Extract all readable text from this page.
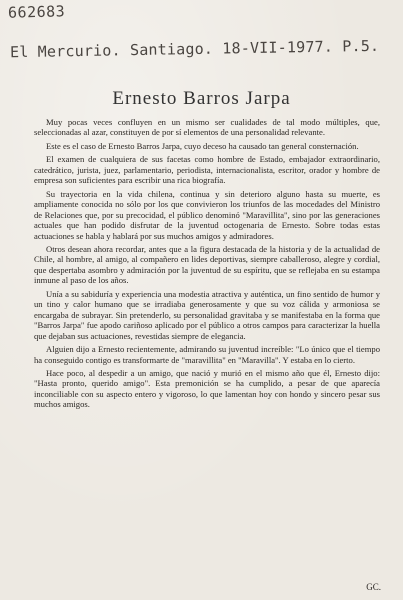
662683
El Mercurio. Santiago. 18-VII-1977. P.5.
Ernesto Barros Jarpa

Muy pocas veces confluyen en un mismo ser cualidades de tal modo múltiples, que, seleccionadas al azar, constituyen de por sí elementos de una personalidad relevante.

Este es el caso de Ernesto Barros Jarpa, cuyo deceso ha causado tan general consternación.

El examen de cualquiera de sus facetas como hombre de Estado, embajador extraordinario, catedrático, jurista, juez, parlamentario, periodista, internacionalista, escritor, orador y hombre de empresa son suficientes para escribir una rica biografía.

Su trayectoria en la vida chilena, continua y sin deterioro alguno hasta su muerte, es ampliamente conocida no sólo por los que convivieron los triunfos de las mocedades del Ministro de Relaciones que, por su precocidad, el público denominó "Maravillita", sino por las generaciones actuales que han podido disfrutar de la juventud octogenaria de Ernesto. Sobre todas estas actuaciones se habla y hablará por sus muchos amigos y admiradores.

Otros desean ahora recordar, antes que a la figura destacada de la historia y de la actualidad de Chile, al hombre, al amigo, al compañero en lides deportivas, siempre caballeroso, alegre y cordial, que despertaba asombro y admiración por la juventud de su espíritu, que se reflejaba en su estampa inmune al paso de los años.

Unía a su sabiduría y experiencia una modestia atractiva y auténtica, un fino sentido de humor y un tino y calor humano que se irradiaba generosamente y que su voz cálida y armoniosa se encargaba de subrayar. Sin pretenderlo, su personalidad gravitaba y se manifestaba en la forma que "Barros Jarpa" fue apodo cariñoso aplicado por el público a otros campos para caracterizar la huella que dejaban sus actuaciones, revestidas siempre de elegancia.

Alguien dijo a Ernesto recientemente, admirando su juventud increíble: "Lo único que el tiempo ha conseguido contigo es transformarte de "maravillita" en "Maravilla". Y estaba en lo cierto.

Hace poco, al despedir a un amigo, que nació y murió en el mismo año que él, Ernesto dijo: "Hasta pronto, querido amigo". Esta premonición se ha cumplido, a pesar de que aparecía inconciliable con su aspecto entero y vigoroso, lo que lamentan hoy con hondo y sincero pesar sus muchos amigos.

GC.
